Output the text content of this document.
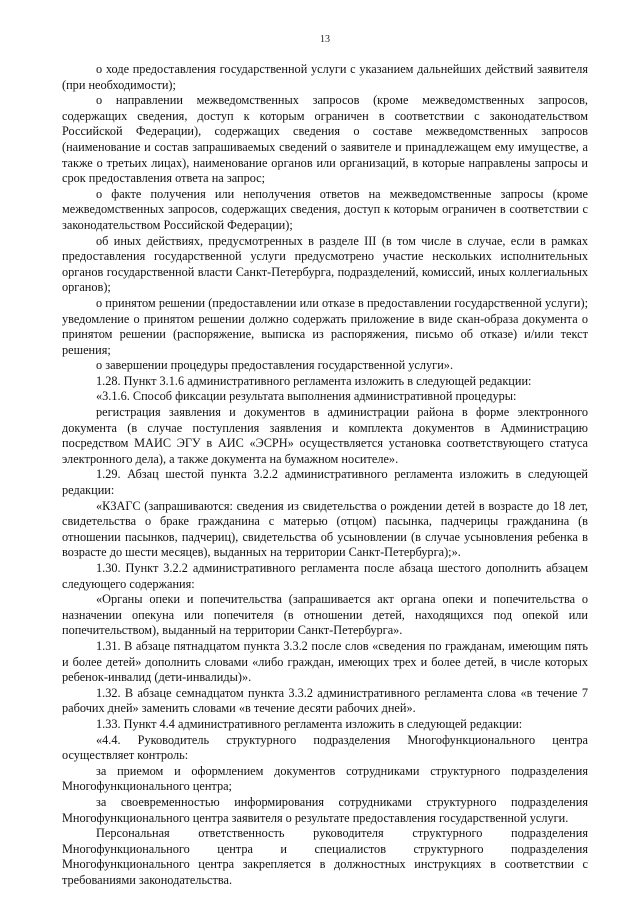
13

о ходе предоставления государственной услуги с указанием дальнейших действий заявителя (при необходимости);

о направлении межведомственных запросов (кроме межведомственных запросов, содержащих сведения, доступ к которым ограничен в соответствии с законодательством Российской Федерации), содержащих сведения о составе межведомственных запросов (наименование и состав запрашиваемых сведений о заявителе и принадлежащем ему имуществе, а также о третьих лицах), наименование органов или организаций, в которые направлены запросы и срок предоставления ответа на запрос;

о факте получения или неполучения ответов на межведомственные запросы (кроме межведомственных запросов, содержащих сведения, доступ к которым ограничен в соответствии с законодательством Российской Федерации);

об иных действиях, предусмотренных в разделе III (в том числе в случае, если в рамках предоставления государственной услуги предусмотрено участие нескольких исполнительных органов государственной власти Санкт-Петербурга, подразделений, комиссий, иных коллегиальных органов);

о принятом решении (предоставлении или отказе в предоставлении государственной услуги); уведомление о принятом решении должно содержать приложение в виде скан-образа документа о принятом решении (распоряжение, выписка из распоряжения, письмо об отказе) и/или текст решения;

о завершении процедуры предоставления государственной услуги».

1.28. Пункт 3.1.6 административного регламента изложить в следующей редакции:

«3.1.6. Способ фиксации результата выполнения административной процедуры:

регистрация заявления и документов в администрации района в форме электронного документа (в случае поступления заявления и комплекта документов в Администрацию посредством МАИС ЭГУ в АИС «ЭСРН» осуществляется установка соответствующего статуса электронного дела), а также документа на бумажном носителе».

1.29. Абзац шестой пункта 3.2.2 административного регламента изложить в следующей редакции:

«КЗАГС (запрашиваются: сведения из свидетельства о рождении детей в возрасте до 18 лет, свидетельства о браке гражданина с матерью (отцом) пасынка, падчерицы гражданина (в отношении пасынков, падчериц), свидетельства об усыновлении (в случае усыновления ребенка в возрасте до шести месяцев), выданных на территории Санкт-Петербурга);».

1.30. Пункт 3.2.2 административного регламента после абзаца шестого дополнить абзацем следующего содержания:

«Органы опеки и попечительства (запрашивается акт органа опеки и попечительства о назначении опекуна или попечителя (в отношении детей, находящихся под опекой или попечительством), выданный на территории Санкт-Петербурга».

1.31. В абзаце пятнадцатом пункта 3.3.2 после слов «сведения по гражданам, имеющим пять и более детей» дополнить словами «либо граждан, имеющих трех и более детей, в числе которых ребенок-инвалид (дети-инвалиды)».

1.32. В абзаце семнадцатом пункта 3.3.2 административного регламента слова «в течение 7 рабочих дней» заменить словами «в течение десяти рабочих дней».

1.33. Пункт 4.4 административного регламента изложить в следующей редакции:

«4.4. Руководитель структурного подразделения Многофункционального центра осуществляет контроль:

за приемом и оформлением документов сотрудниками структурного подразделения Многофункционального центра;

за своевременностью информирования сотрудниками структурного подразделения Многофункционального центра заявителя о результате предоставления государственной услуги.

Персональная ответственность руководителя структурного подразделения Многофункционального центра и специалистов структурного подразделения Многофункционального центра закрепляется в должностных инструкциях в соответствии с требованиями законодательства.
